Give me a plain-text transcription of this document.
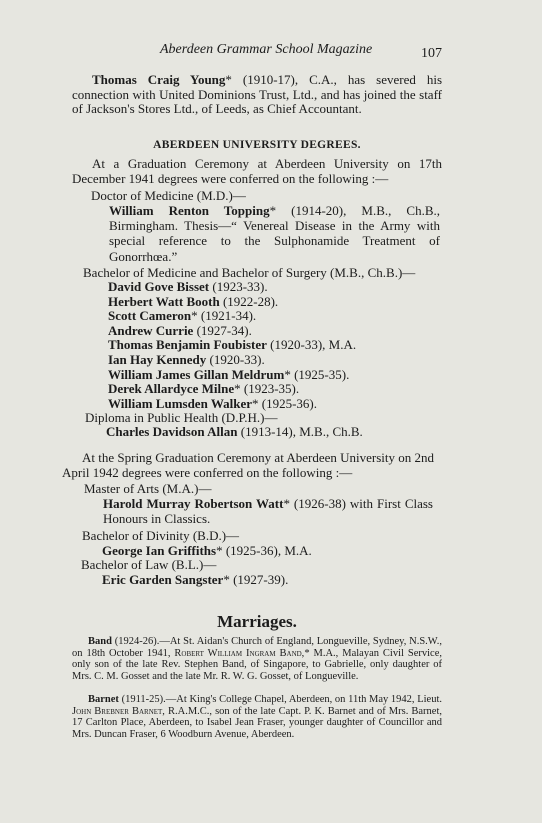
Aberdeen Grammar School Magazine	107
Thomas Craig Young* (1910-17), C.A., has severed his connection with United Dominions Trust, Ltd., and has joined the staff of Jackson's Stores Ltd., of Leeds, as Chief Accountant.
ABERDEEN UNIVERSITY DEGREES.
At a Graduation Ceremony at Aberdeen University on 17th December 1941 degrees were conferred on the following :—
Doctor of Medicine (M.D.)—
William Renton Topping* (1914-20), M.B., Ch.B., Birmingham. Thesis—“ Venereal Disease in the Army with special reference to the Sulphonamide Treatment of Gonorrhœa.”
Bachelor of Medicine and Bachelor of Surgery (M.B., Ch.B.)—
David Gove Bisset (1923-33).
Herbert Watt Booth (1922-28).
Scott Cameron* (1921-34).
Andrew Currie (1927-34).
Thomas Benjamin Foubister (1920-33), M.A.
Ian Hay Kennedy (1920-33).
William James Gillan Meldrum* (1925-35).
Derek Allardyce Milne* (1923-35).
William Lumsden Walker* (1925-36).
Diploma in Public Health (D.P.H.)—
Charles Davidson Allan (1913-14), M.B., Ch.B.
At the Spring Graduation Ceremony at Aberdeen University on 2nd April 1942 degrees were conferred on the following :—
Master of Arts (M.A.)—
Harold Murray Robertson Watt* (1926-38) with First Class Honours in Classics.
Bachelor of Divinity (B.D.)—
George Ian Griffiths* (1925-36), M.A.
Bachelor of Law (B.L.)—
Eric Garden Sangster* (1927-39).
Marriages.
Band (1924-26).—At St. Aidan's Church of England, Longueville, Sydney, N.S.W., on 18th October 1941, Robert William Ingram Band,* M.A., Malayan Civil Service, only son of the late Rev. Stephen Band, of Singapore, to Gabrielle, only daughter of Mrs. C. M. Gosset and the late Mr. R. W. G. Gosset, of Longueville.
Barnet (1911-25).—At King's College Chapel, Aberdeen, on 11th May 1942, Lieut. John Brebner Barnet, R.A.M.C., son of the late Capt. P. K. Barnet and of Mrs. Barnet, 17 Carlton Place, Aberdeen, to Isabel Jean Fraser, younger daughter of Councillor and Mrs. Duncan Fraser, 6 Woodburn Avenue, Aberdeen.
